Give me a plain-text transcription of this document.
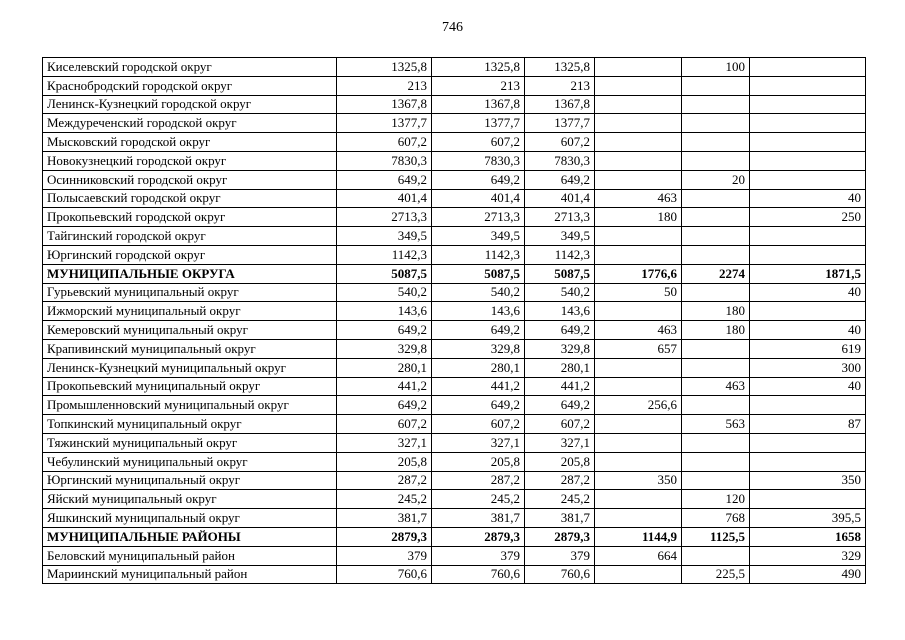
746
Киселевский городской округ	1325,8	1325,8	1325,8		100	
Краснобродский городской округ	213	213	213			
Ленинск-Кузнецкий городской округ	1367,8	1367,8	1367,8			
Междуреченский городской округ	1377,7	1377,7	1377,7			
Мысковский городской округ	607,2	607,2	607,2			
Новокузнецкий городской округ	7830,3	7830,3	7830,3			
Осинниковский городской округ	649,2	649,2	649,2		20	
Полысаевский городской округ	401,4	401,4	401,4	463		40
Прокопьевский городской округ	2713,3	2713,3	2713,3	180		250
Тайгинский городской округ	349,5	349,5	349,5			
Юргинский городской округ	1142,3	1142,3	1142,3			
МУНИЦИПАЛЬНЫЕ ОКРУГА	5087,5	5087,5	5087,5	1776,6	2274	1871,5
Гурьевский муниципальный округ	540,2	540,2	540,2	50		40
Ижморский муниципальный округ	143,6	143,6	143,6		180	
Кемеровский муниципальный округ	649,2	649,2	649,2	463	180	40
Крапивинский муниципальный округ	329,8	329,8	329,8	657		619
Ленинск-Кузнецкий муниципальный округ	280,1	280,1	280,1			300
Прокопьевский муниципальный округ	441,2	441,2	441,2		463	40
Промышленновский муниципальный округ	649,2	649,2	649,2	256,6		
Топкинский муниципальный округ	607,2	607,2	607,2		563	87
Тяжинский муниципальный округ	327,1	327,1	327,1			
Чебулинский муниципальный округ	205,8	205,8	205,8			
Юргинский муниципальный округ	287,2	287,2	287,2	350		350
Яйский муниципальный округ	245,2	245,2	245,2		120	
Яшкинский муниципальный округ	381,7	381,7	381,7		768	395,5
МУНИЦИПАЛЬНЫЕ РАЙОНЫ	2879,3	2879,3	2879,3	1144,9	1125,5	1658
Беловский муниципальный район	379	379	379	664		329
Мариинский муниципальный район	760,6	760,6	760,6		225,5	490
